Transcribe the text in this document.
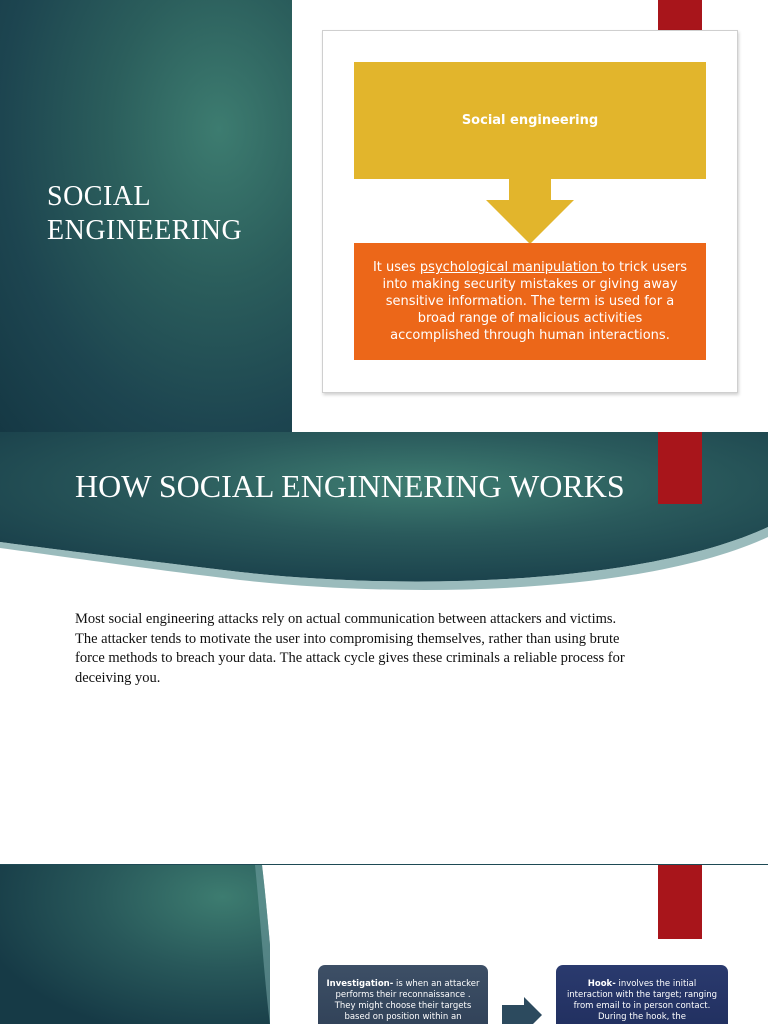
SOCIAL ENGINEERING
Social engineering
It uses psychological manipulation to trick users into making security mistakes or giving away sensitive information. The term is used for a broad range of malicious activities accomplished through human interactions.
HOW SOCIAL ENGINNERING WORKS

Most social engineering attacks rely on actual communication between attackers and victims. The attacker tends to motivate the user into compromising themselves, rather than using brute force methods to breach your data. The attack cycle gives these criminals a reliable process for deceiving you.

Investigation- is when an attacker performs their reconnaissance . They might choose their targets based on position within an
Hook- involves the initial interaction with the target; ranging from email to in person contact. During the hook, the
